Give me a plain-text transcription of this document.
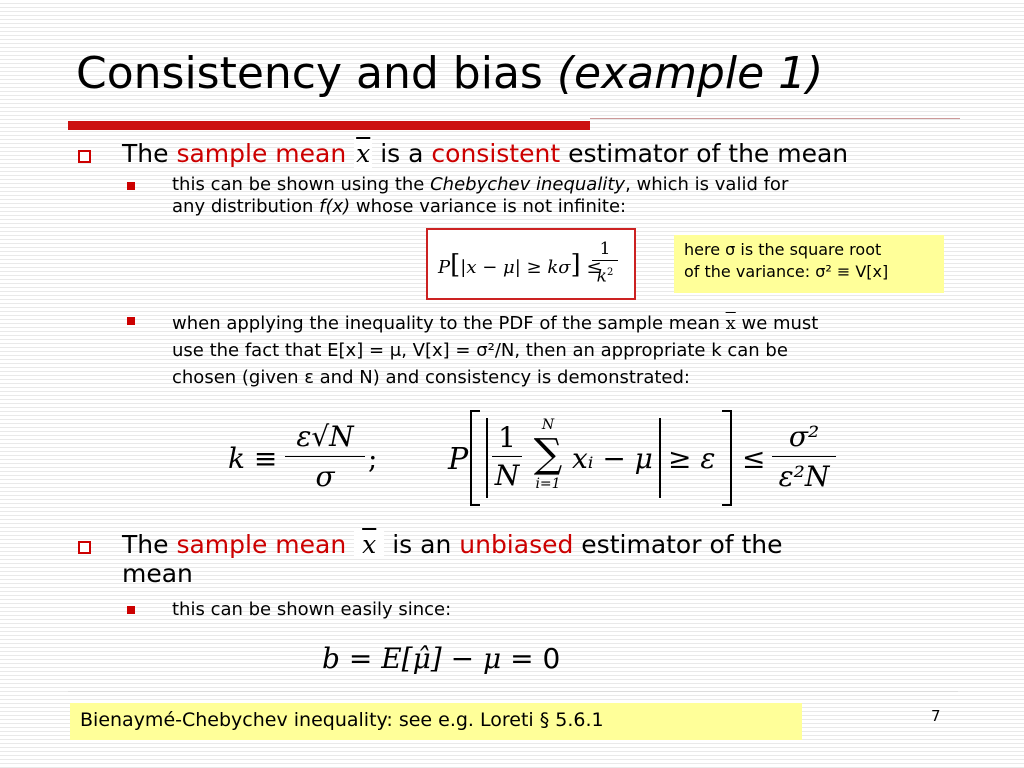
Consistency and bias (example 1)
The sample mean $\overline{x}$ is a consistent estimator of the mean
this can be shown using the Chebychev inequality, which is valid for
any distribution f(x) whose variance is not infinite:
P[|x − μ| ≥ kσ] ≤
1
$k^2$
here σ is the square root
of the variance: σ² ≡ V[x]
when applying the inequality to the PDF of the sample mean $\overline{x}$ we must
use the fact that E[x] = μ, V[x] = σ²/N, then an appropriate k can be
chosen (given ε and N) and consistency is demonstrated:
k ≡
ε√N
σ
; P
1
N
N
∑
i=1
xᵢ − $\mu \ge \varepsilon \le \frac{\text{σ²}}{\text{ε²N}}$
The sample mean $\overline{x}$ is an unbiased estimator of the
mean
this can be shown easily since:
b = E[μ̂] − μ = 0
Bienaymé-Chebychev inequality: see e.g. Loreti § 5.6.1	7
